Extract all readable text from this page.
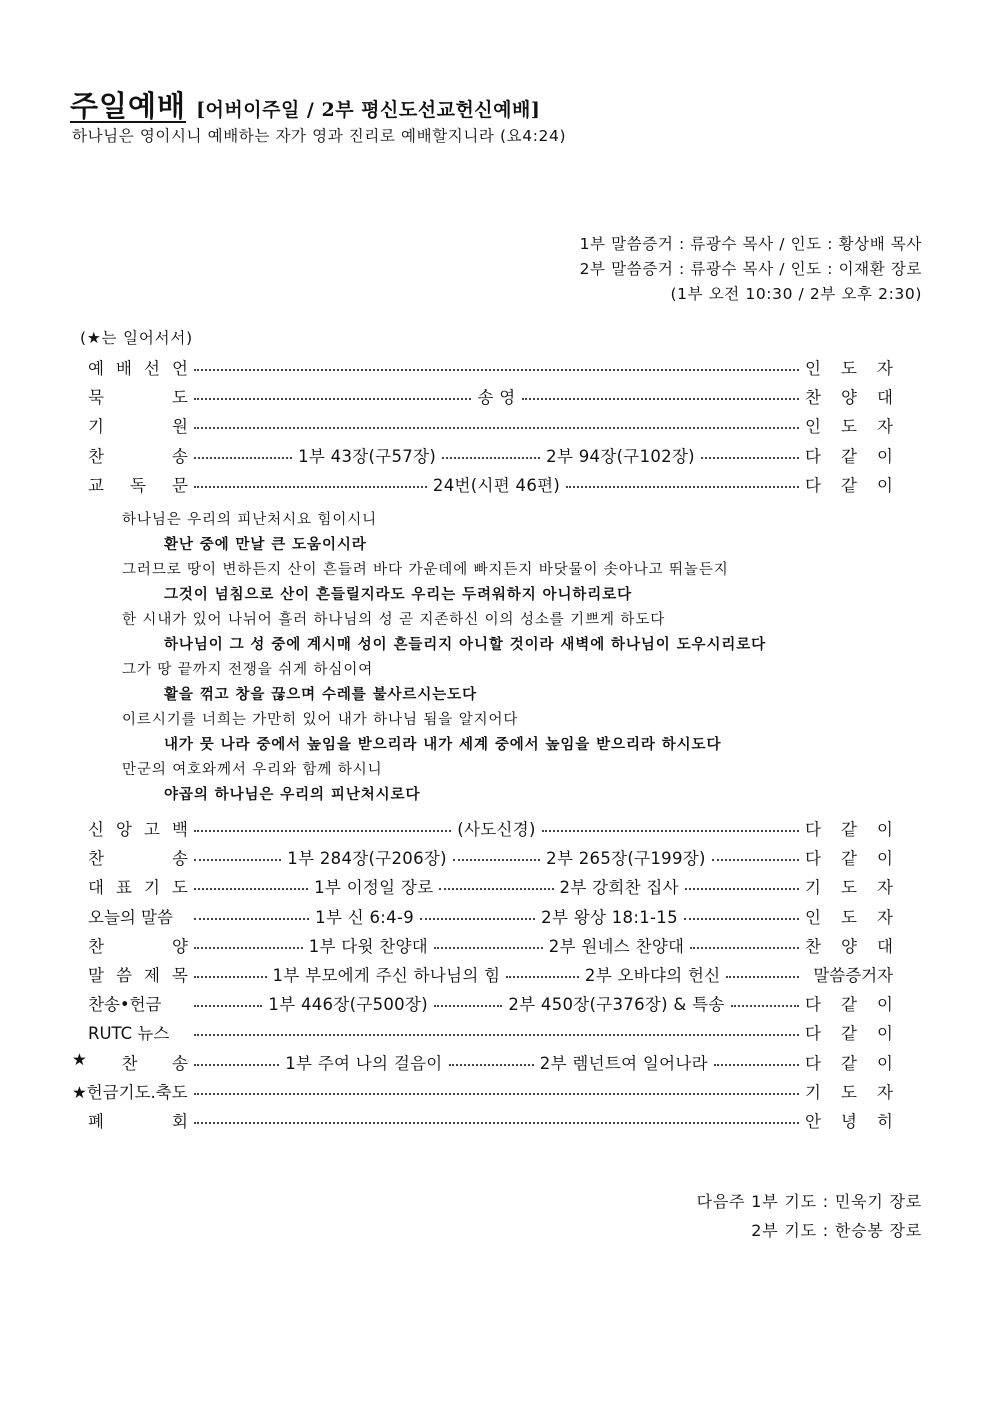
주일예배 [어버이주일 / 2부 평신도선교헌신예배]
하나님은 영이시니 예배하는 자가 영과 진리로 예배할지니라 (요4:24)
1부 말씀증거 : 류광수 목사 / 인도 : 황상배 목사
2부 말씀증거 : 류광수 목사 / 인도 : 이재환 장로
(1부 오전 10:30 / 2부 오후 2:30)
(★는 일어서서)
예 배 선 언	인 도 자
묵	도	송 영	찬 양 대
기	원	인 도 자
찬	송	1부 43장(구57장)	2부 94장(구102장)	다 같 이
교 독 문	24번(시편 46편)	다 같 이
하나님은 우리의 피난처시요 힘이시니
환난 중에 만날 큰 도움이시라
그러므로 땅이 변하든지 산이 흔들려 바다 가운데에 빠지든지 바닷물이 솟아나고 뛰놀든지
그것이 넘침으로 산이 흔들릴지라도 우리는 두려워하지 아니하리로다
한 시내가 있어 나뉘어 흘러 하나님의 성 곧 지존하신 이의 성소를 기쁘게 하도다
하나님이 그 성 중에 계시매 성이 흔들리지 아니할 것이라 새벽에 하나님이 도우시리로다
그가 땅 끝까지 전쟁을 쉬게 하심이여
활을 꺾고 창을 끊으며 수레를 불사르시는도다
이르시기를 너희는 가만히 있어 내가 하나님 됨을 알지어다
내가 뭇 나라 중에서 높임을 받으리라 내가 세계 중에서 높임을 받으리라 하시도다
만군의 여호와께서 우리와 함께 하시니
야곱의 하나님은 우리의 피난처시로다
신 앙 고 백	(사도신경)	다 같 이
찬	송	1부 284장(구206장)	2부 265장(구199장)	다 같 이
대 표 기 도	1부 이정일 장로	2부 강희찬 집사	기 도 자
오늘의 말씀	1부 신 6:4-9	2부 왕상 18:1-15	인 도 자
찬	양	1부 다윗 찬양대	2부 원네스 찬양대	찬 양 대
말 씀 제 목	1부 부모에게 주신 하나님의 힘	2부 오바댜의 헌신	말씀증거자
찬송•헌금	1부 446장(구500장)	2부 450장(구376장) & 특송	다 같 이
RUTC 뉴스	다 같 이
★ 찬 송	1부 주여 나의 걸음이	2부 렘넌트여 일어나라	다 같 이
★헌금기도.축도	기 도 자
폐	회	안 녕 히
다음주 1부 기도 : 민욱기 장로
2부 기도 : 한승봉 장로
